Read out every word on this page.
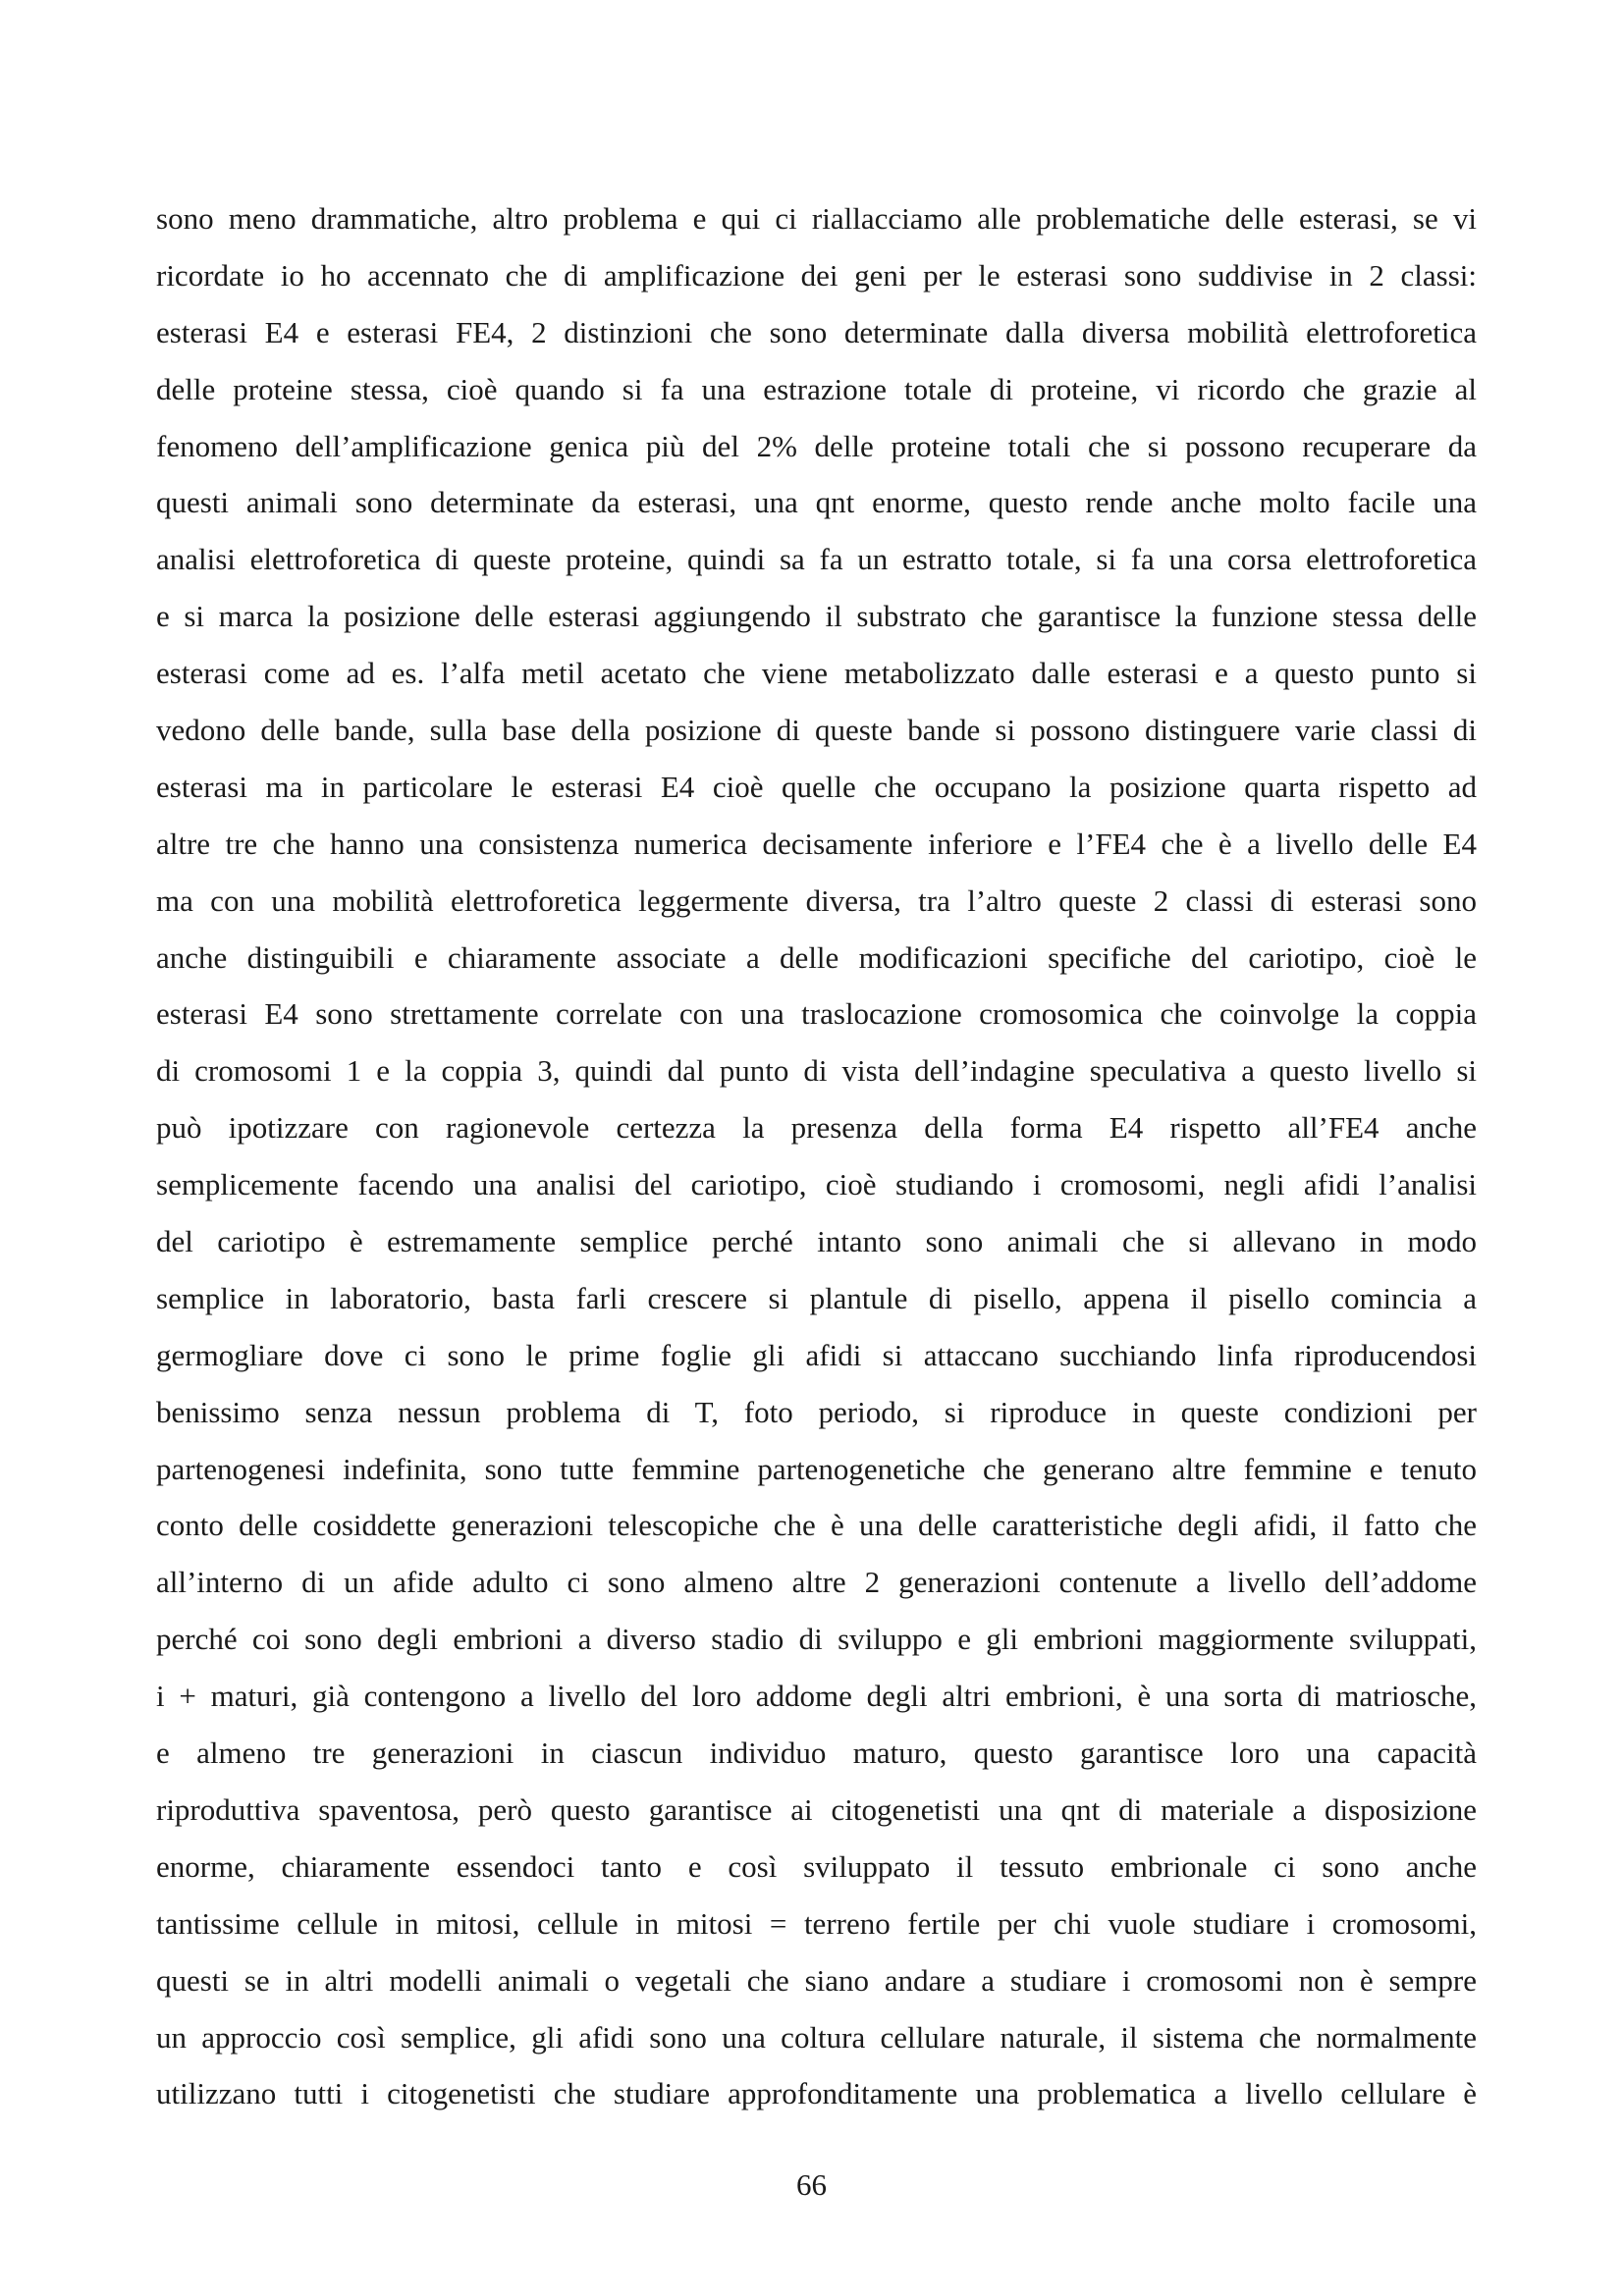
sono meno drammatiche, altro problema e qui ci riallacciamo alle problematiche delle esterasi, se vi
ricordate io ho accennato che di amplificazione dei geni per le esterasi sono suddivise in 2 classi:
esterasi E4 e esterasi FE4, 2 distinzioni che sono determinate dalla diversa mobilità elettroforetica
delle proteine stessa, cioè quando si fa una estrazione totale di proteine, vi ricordo che grazie al
fenomeno dell’amplificazione genica più del 2% delle proteine totali che si possono recuperare da
questi animali sono determinate da esterasi, una qnt enorme, questo rende anche molto facile una
analisi elettroforetica di queste proteine, quindi sa fa un estratto totale, si fa una corsa elettroforetica
e si marca la posizione delle esterasi aggiungendo il substrato che garantisce la funzione stessa delle
esterasi come ad es. l’alfa metil acetato che viene metabolizzato dalle esterasi e a questo punto si
vedono delle bande, sulla base della posizione di queste bande si possono distinguere varie classi di
esterasi ma in particolare le esterasi E4 cioè quelle che occupano la posizione quarta rispetto ad
altre tre che hanno una consistenza numerica decisamente inferiore e l’FE4 che è a livello delle E4
ma con una mobilità elettroforetica leggermente diversa, tra l’altro queste 2 classi di esterasi sono
anche distinguibili e chiaramente associate a delle modificazioni specifiche del cariotipo, cioè le
esterasi E4 sono strettamente correlate con una traslocazione cromosomica che coinvolge la coppia
di cromosomi 1 e la coppia 3, quindi dal punto di vista dell’indagine speculativa a questo livello si
può ipotizzare con ragionevole certezza la presenza della forma E4 rispetto all’FE4 anche
semplicemente facendo una analisi del cariotipo, cioè studiando i cromosomi, negli afidi l’analisi
del cariotipo è estremamente semplice perché intanto sono animali che si allevano in modo
semplice in laboratorio, basta farli crescere si plantule di pisello, appena il pisello comincia a
germogliare dove ci sono le prime foglie gli afidi si attaccano succhiando linfa riproducendosi
benissimo senza nessun problema di T, foto periodo, si riproduce in queste condizioni per
partenogenesi indefinita, sono tutte femmine partenogenetiche che generano altre femmine e tenuto
conto delle cosiddette generazioni telescopiche che è una delle caratteristiche degli afidi, il fatto che
all’interno di un afide adulto ci sono almeno altre 2 generazioni contenute a livello dell’addome
perché coi sono degli embrioni a diverso stadio di sviluppo e gli embrioni maggiormente sviluppati,
i + maturi, già contengono a livello del loro addome degli altri embrioni, è una sorta di matriosche,
e almeno tre generazioni in ciascun individuo maturo, questo garantisce loro una capacità
riproduttiva spaventosa, però questo garantisce ai citogenetisti una qnt di materiale a disposizione
enorme, chiaramente essendoci tanto e così sviluppato il tessuto embrionale ci sono anche
tantissime cellule in mitosi, cellule in mitosi = terreno fertile per chi vuole studiare i cromosomi,
questi se in altri modelli animali o vegetali che siano andare a studiare i cromosomi non è sempre
un approccio così semplice, gli afidi sono una coltura cellulare naturale, il sistema che normalmente
utilizzano tutti i citogenetisti che studiare approfonditamente una problematica a livello cellulare è
66
